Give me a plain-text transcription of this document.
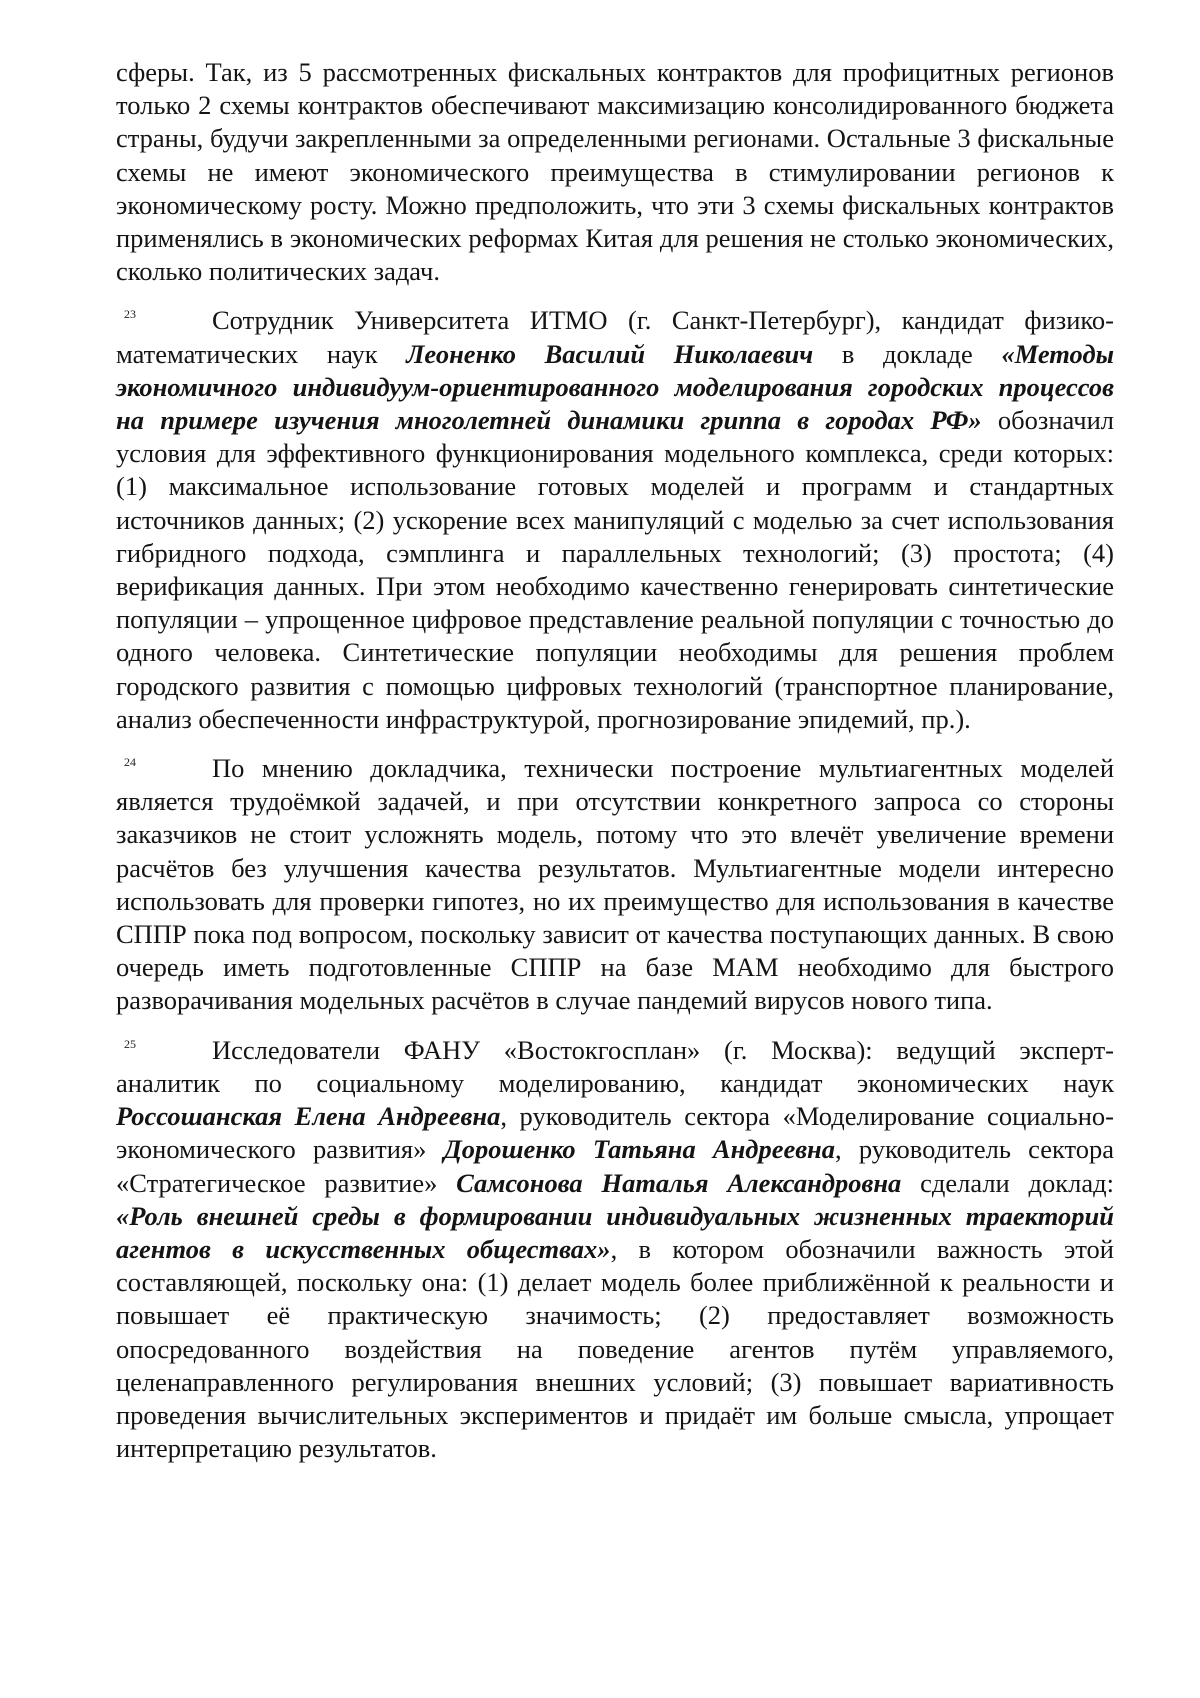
сферы. Так, из 5 рассмотренных фискальных контрактов для профицитных регионов только 2 схемы контрактов обеспечивают максимизацию консолидированного бюджета страны, будучи закрепленными за определенными регионами. Остальные 3 фискальные схемы не имеют экономического преимущества в стимулировании регионов к экономическому росту. Можно предположить, что эти 3 схемы фискальных контрактов применялись в экономических реформах Китая для решения не столько экономических, сколько политических задач.

23	Сотрудник Университета ИТМО (г. Санкт-Петербург), кандидат физико-математических наук Леоненко Василий Николаевич в докладе «Методы экономичного индивидуум-ориентированного моделирования городских процессов на примере изучения многолетней динамики гриппа в городах РФ» обозначил условия для эффективного функционирования модельного комплекса, среди которых: (1) максимальное использование готовых моделей и программ и стандартных источников данных; (2) ускорение всех манипуляций с моделью за счет использования гибридного подхода, сэмплинга и параллельных технологий; (3) простота; (4) верификация данных. При этом необходимо качественно генерировать синтетические популяции – упрощенное цифровое представление реальной популяции с точностью до одного человека. Синтетические популяции необходимы для решения проблем городского развития с помощью цифровых технологий (транспортное планирование, анализ обеспеченности инфраструктурой, прогнозирование эпидемий, пр.).

24	По мнению докладчика, технически построение мультиагентных моделей является трудоёмкой задачей, и при отсутствии конкретного запроса со стороны заказчиков не стоит усложнять модель, потому что это влечёт увеличение времени расчётов без улучшения качества результатов. Мультиагентные модели интересно использовать для проверки гипотез, но их преимущество для использования в качестве СППР пока под вопросом, поскольку зависит от качества поступающих данных. В свою очередь иметь подготовленные СППР на базе МАМ необходимо для быстрого разворачивания модельных расчётов в случае пандемий вирусов нового типа.

25	Исследователи ФАНУ «Востокгосплан» (г. Москва): ведущий эксперт-аналитик по социальному моделированию, кандидат экономических наук Россошанская Елена Андреевна, руководитель сектора «Моделирование социально-экономического развития» Дорошенко Татьяна Андреевна, руководитель сектора «Стратегическое развитие» Самсонова Наталья Александровна сделали доклад: «Роль внешней среды в формировании индивидуальных жизненных траекторий агентов в искусственных обществах», в котором обозначили важность этой составляющей, поскольку она: (1) делает модель более приближённой к реальности и повышает её практическую значимость; (2) предоставляет возможность опосредованного воздействия на поведение агентов путём управляемого, целенаправленного регулирования внешних условий; (3) повышает вариативность проведения вычислительных экспериментов и придаёт им больше смысла, упрощает интерпретацию результатов.
